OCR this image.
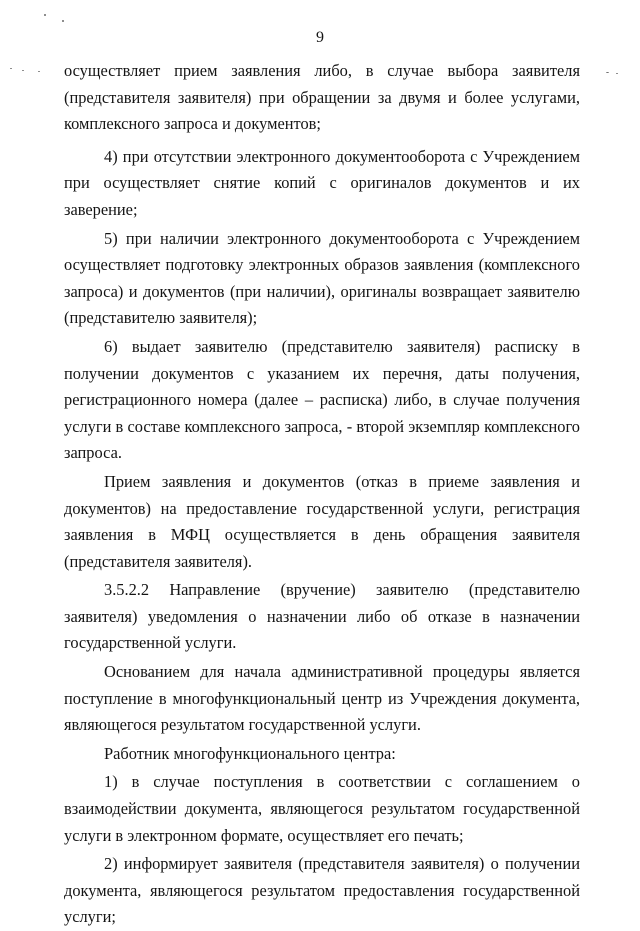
9

осуществляет прием заявления либо, в случае выбора заявителя (представителя заявителя) при обращении за двумя и более услугами, комплексного запроса и документов;

4) при отсутствии электронного документооборота с Учреждением при осуществляет снятие копий с оригиналов документов и их заверение;

5) при наличии электронного документооборота с Учреждением осуществляет подготовку электронных образов заявления (комплексного запроса) и документов (при наличии), оригиналы возвращает заявителю (представителю заявителя);

6) выдает заявителю (представителю заявителя) расписку в получении документов с указанием их перечня, даты получения, регистрационного номера (далее – расписка) либо, в случае получения услуги в составе комплексного запроса, - второй экземпляр комплексного запроса.

Прием заявления и документов (отказ в приеме заявления и документов) на предоставление государственной услуги, регистрация заявления в МФЦ осуществляется в день обращения заявителя (представителя заявителя).

3.5.2.2 Направление (вручение) заявителю (представителю заявителя) уведомления о назначении либо об отказе в назначении государственной услуги.

Основанием для начала административной процедуры является поступление в многофункциональный центр из Учреждения документа, являющегося результатом государственной услуги.

Работник многофункционального центра:

1) в случае поступления в соответствии с соглашением о взаимодействии документа, являющегося результатом государственной услуги в электронном формате, осуществляет его печать;

2) информирует заявителя (представителя заявителя) о получении документа, являющегося результатом предоставления государственной услуги;
